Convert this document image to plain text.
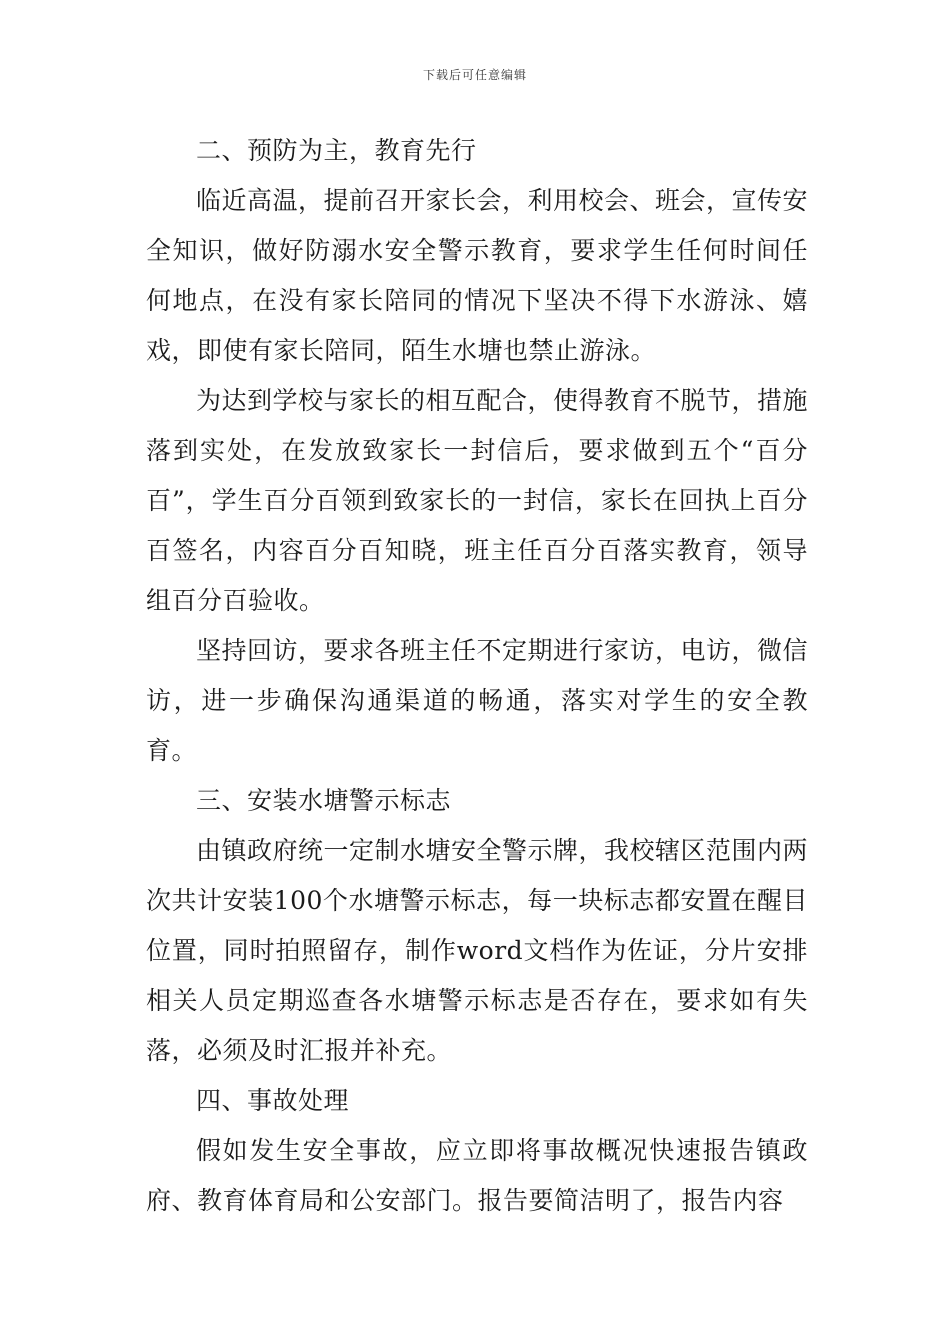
下载后可任意编辑

二、预防为主，教育先行

临近高温，提前召开家长会，利用校会、班会，宣传安全知识，做好防溺水安全警示教育，要求学生任何时间任何地点，在没有家长陪同的情况下坚决不得下水游泳、嬉戏，即使有家长陪同，陌生水塘也禁止游泳。

为达到学校与家长的相互配合，使得教育不脱节，措施落到实处，在发放致家长一封信后，要求做到五个“百分百”，学生百分百领到致家长的一封信，家长在回执上百分百签名，内容百分百知晓，班主任百分百落实教育，领导组百分百验收。

坚持回访，要求各班主任不定期进行家访，电访，微信访，进一步确保沟通渠道的畅通，落实对学生的安全教育。

三、安装水塘警示标志

由镇政府统一定制水塘安全警示牌，我校辖区范围内两次共计安装100个水塘警示标志，每一块标志都安置在醒目位置，同时拍照留存，制作word文档作为佐证，分片安排相关人员定期巡查各水塘警示标志是否存在，要求如有失落，必须及时汇报并补充。

四、事故处理

假如发生安全事故，应立即将事故概况快速报告镇政府、教育体育局和公安部门。报告要简洁明了，报告内容
